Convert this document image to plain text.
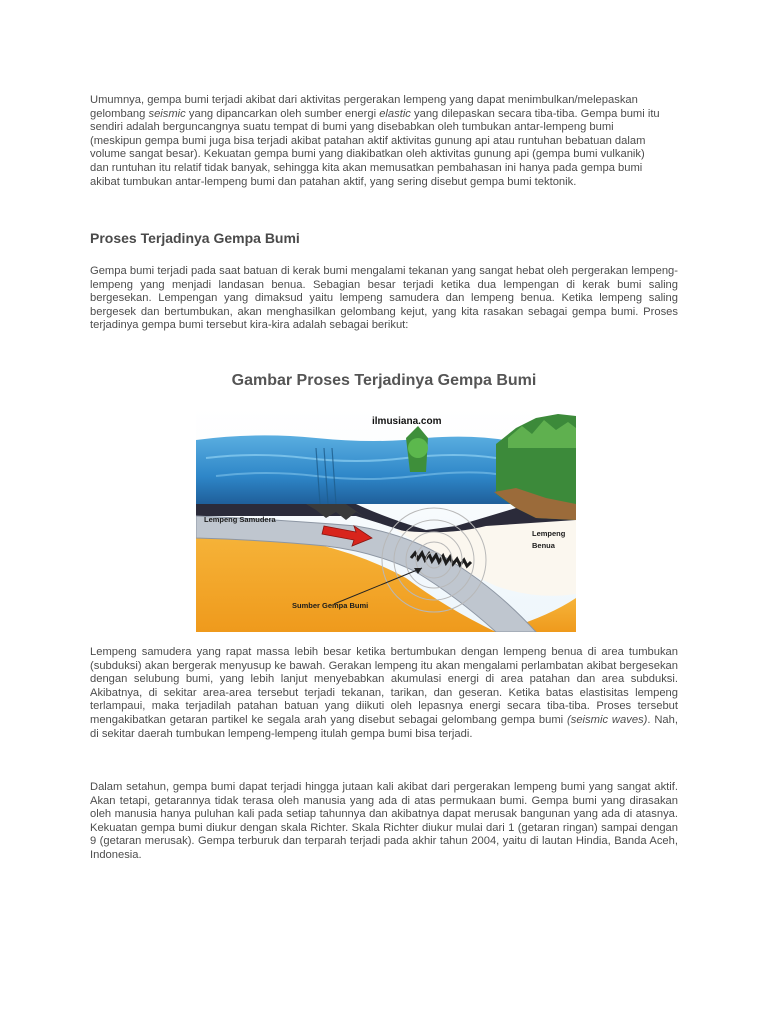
Umumnya, gempa bumi terjadi akibat dari aktivitas pergerakan lempeng yang dapat menimbulkan/melepaskan gelombang seismic yang dipancarkan oleh sumber energi elastic yang dilepaskan secara tiba-tiba. Gempa bumi itu sendiri adalah berguncangnya suatu tempat di bumi yang disebabkan oleh tumbukan antar-lempeng bumi (meskipun gempa bumi juga bisa terjadi akibat patahan aktif aktivitas gunung api atau runtuhan bebatuan dalam volume sangat besar). Kekuatan gempa bumi yang diakibatkan oleh aktivitas gunung api (gempa bumi vulkanik) dan runtuhan itu relatif tidak banyak, sehingga kita akan memusatkan pembahasan ini hanya pada gempa bumi akibat tumbukan antar-lempeng bumi dan patahan aktif, yang sering disebut gempa bumi tektonik.

Proses Terjadinya Gempa Bumi

Gempa bumi terjadi pada saat batuan di kerak bumi mengalami tekanan yang sangat hebat oleh pergerakan lempeng-lempeng yang menjadi landasan benua. Sebagian besar terjadi ketika dua lempengan di kerak bumi saling bergesekan. Lempengan yang dimaksud yaitu lempeng samudera dan lempeng benua. Ketika lempeng saling bergesek dan bertumbukan, akan menghasilkan gelombang kejut, yang kita rasakan sebagai gempa bumi. Proses terjadinya gempa bumi tersebut kira-kira adalah sebagai berikut:

Gambar Proses Terjadinya Gempa Bumi
ilmusiana.com
Lempeng Samudera
Lempeng
Benua
Sumber Gempa Bumi

Lempeng samudera yang rapat massa lebih besar ketika bertumbukan dengan lempeng benua di area tumbukan (subduksi) akan bergerak menyusup ke bawah. Gerakan lempeng itu akan mengalami perlambatan akibat bergesekan dengan selubung bumi, yang lebih lanjut menyebabkan akumulasi energi di area patahan dan area subduksi. Akibatnya, di sekitar area-area tersebut terjadi tekanan, tarikan, dan geseran. Ketika batas elastisitas lempeng terlampaui, maka terjadilah patahan batuan yang diikuti oleh lepasnya energi secara tiba-tiba. Proses tersebut mengakibatkan getaran partikel ke segala arah yang disebut sebagai gelombang gempa bumi (seismic waves). Nah, di sekitar daerah tumbukan lempeng-lempeng itulah gempa bumi bisa terjadi.

Dalam setahun, gempa bumi dapat terjadi hingga jutaan kali akibat dari pergerakan lempeng bumi yang sangat aktif. Akan tetapi, getarannya tidak terasa oleh manusia yang ada di atas permukaan bumi. Gempa bumi yang dirasakan oleh manusia hanya puluhan kali pada setiap tahunnya dan akibatnya dapat merusak bangunan yang ada di atasnya. Kekuatan gempa bumi diukur dengan skala Richter. Skala Richter diukur mulai dari 1 (getaran ringan) sampai dengan 9 (getaran merusak). Gempa terburuk dan terparah terjadi pada akhir tahun 2004, yaitu di lautan Hindia, Banda Aceh, Indonesia.
